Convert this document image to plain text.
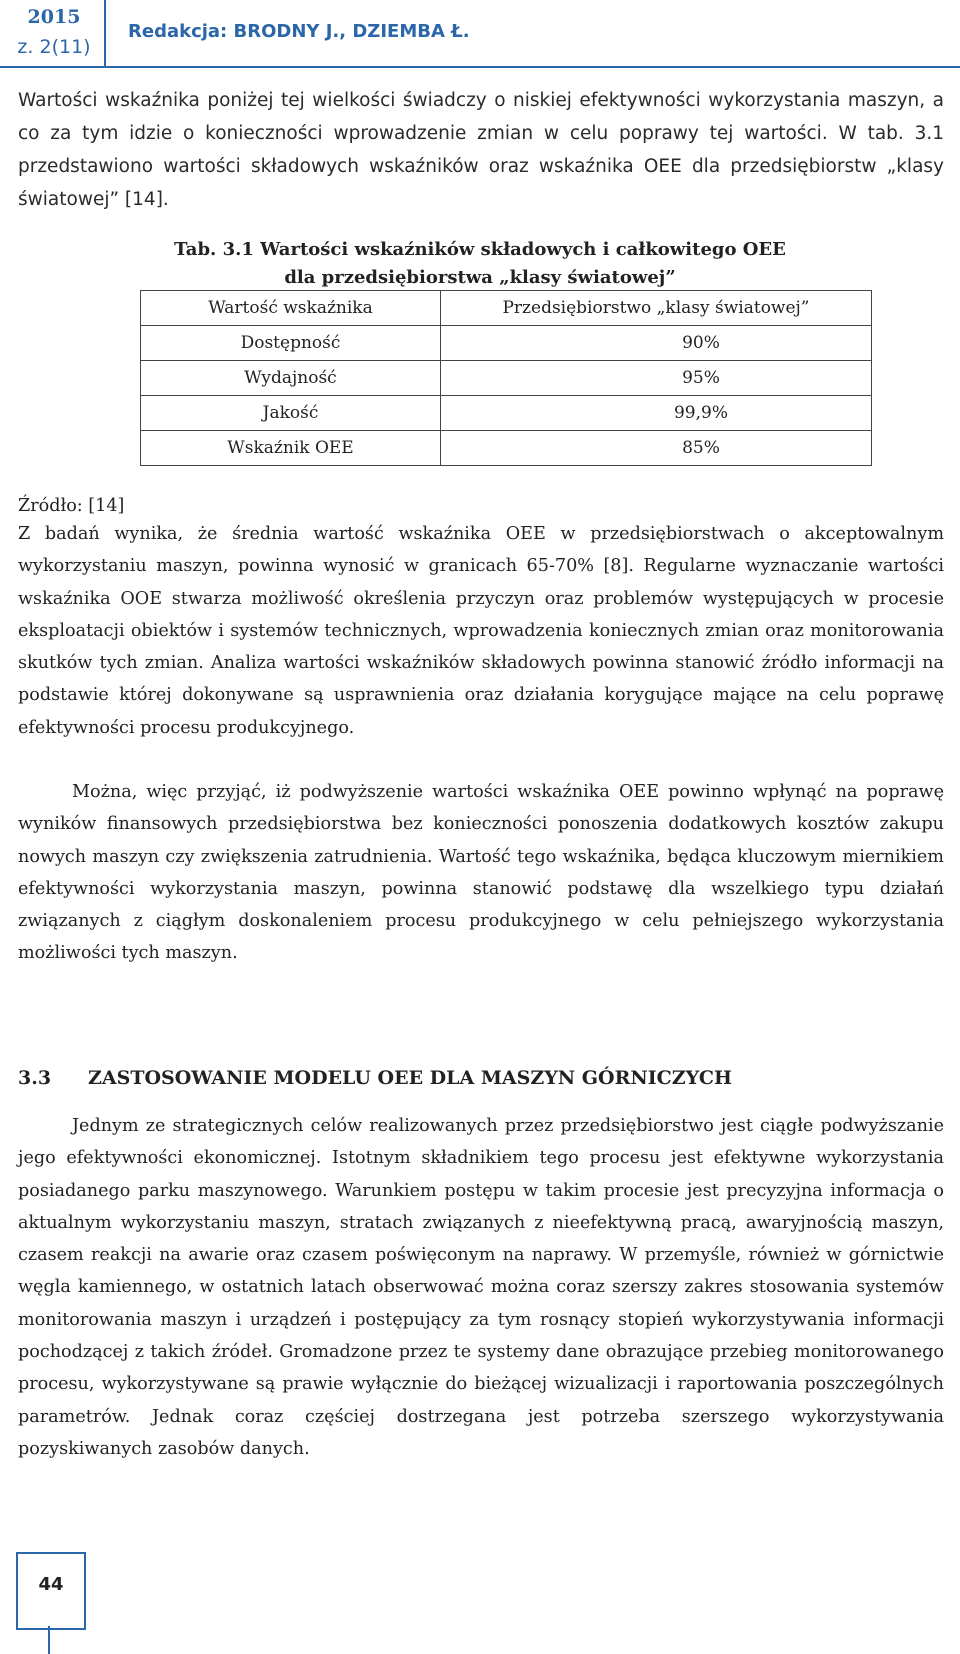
2015
z. 2(11)
Redakcja: BRODNY J., DZIEMBA Ł.

Wartości wskaźnika poniżej tej wielkości świadczy o niskiej efektywności wykorzystania maszyn, a co za tym idzie o konieczności wprowadzenie zmian w celu poprawy tej wartości. W tab. 3.1 przedstawiono wartości składowych wskaźników oraz wskaźnika OEE dla przedsiębiorstw „klasy światowej” [14].

Tab. 3.1 Wartości wskaźników składowych i całkowitego OEE
dla przedsiębiorstwa „klasy światowej”
Wartość wskaźnika	Przedsiębiorstwo „klasy światowej”
Dostępność	90%
Wydajność	95%
Jakość	99,9%
Wskaźnik OEE	85%
Źródło: [14]

Z badań wynika, że średnia wartość wskaźnika OEE w przedsiębiorstwach o akceptowalnym wykorzystaniu maszyn, powinna wynosić w granicach 65-70% [8]. Regularne wyznaczanie wartości wskaźnika OOE stwarza możliwość określenia przyczyn oraz problemów występujących w procesie eksploatacji obiektów i systemów technicznych, wprowadzenia koniecznych zmian oraz monitorowania skutków tych zmian. Analiza wartości wskaźników składowych powinna stanowić źródło informacji na podstawie której dokonywane są usprawnienia oraz działania korygujące mające na celu poprawę efektywności procesu produkcyjnego.

Można, więc przyjąć, iż podwyższenie wartości wskaźnika OEE powinno wpłynąć na poprawę wyników finansowych przedsiębiorstwa bez konieczności ponoszenia dodatkowych kosztów zakupu nowych maszyn czy zwiększenia zatrudnienia. Wartość tego wskaźnika, będąca kluczowym miernikiem efektywności wykorzystania maszyn, powinna stanowić podstawę dla wszelkiego typu działań związanych z ciągłym doskonaleniem procesu produkcyjnego w celu pełniejszego wykorzystania możliwości tych maszyn.

3.3 ZASTOSOWANIE MODELU OEE DLA MASZYN GÓRNICZYCH

Jednym ze strategicznych celów realizowanych przez przedsiębiorstwo jest ciągłe podwyższanie jego efektywności ekonomicznej. Istotnym składnikiem tego procesu jest efektywne wykorzystania posiadanego parku maszynowego. Warunkiem postępu w takim procesie jest precyzyjna informacja o aktualnym wykorzystaniu maszyn, stratach związanych z nieefektywną pracą, awaryjnością maszyn, czasem reakcji na awarie oraz czasem poświęconym na naprawy. W przemyśle, również w górnictwie węgla kamiennego, w ostatnich latach obserwować można coraz szerszy zakres stosowania systemów monitorowania maszyn i urządzeń i postępujący za tym rosnący stopień wykorzystywania informacji pochodzącej z takich źródeł. Gromadzone przez te systemy dane obrazujące przebieg monitorowanego procesu, wykorzystywane są prawie wyłącznie do bieżącej wizualizacji i raportowania poszczególnych parametrów. Jednak coraz częściej dostrzegana jest potrzeba szerszego wykorzystywania pozyskiwanych zasobów danych.

44
